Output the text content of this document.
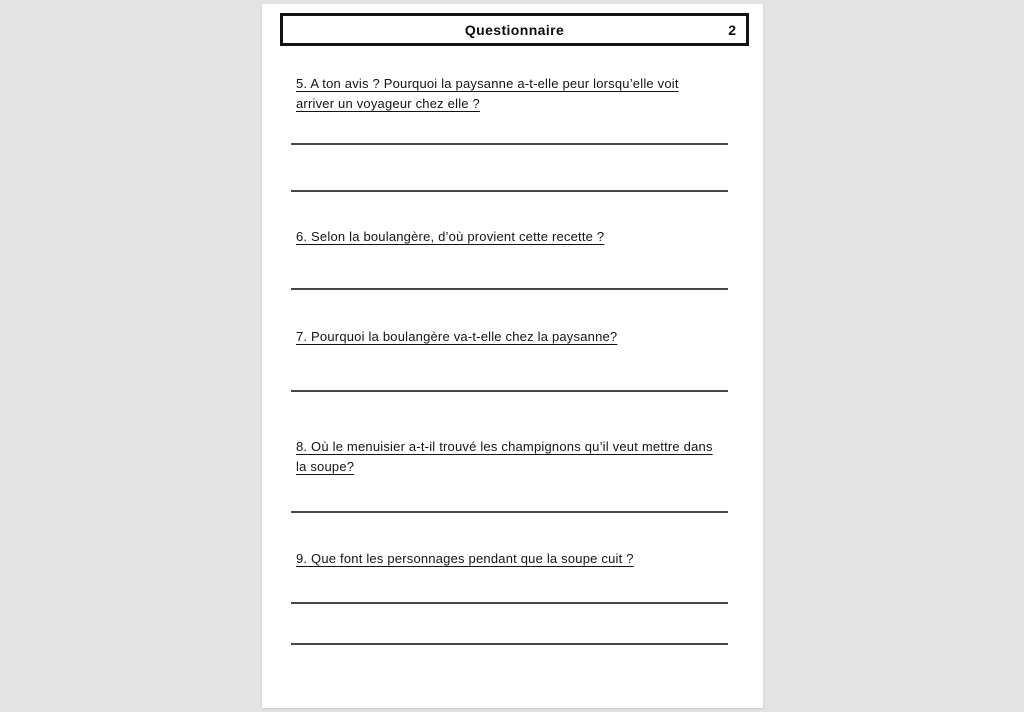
Questionnaire	2
5. A ton avis ? Pourquoi la paysanne a-t-elle peur lorsqu’elle voit
arriver un voyageur chez elle ?
6. Selon la boulangère, d’où provient cette recette ?
7. Pourquoi la boulangère va-t-elle chez la paysanne?
8. Où le menuisier a-t-il trouvé les champignons qu’il veut mettre dans
la soupe?
9. Que font les personnages pendant que la soupe cuit ?
